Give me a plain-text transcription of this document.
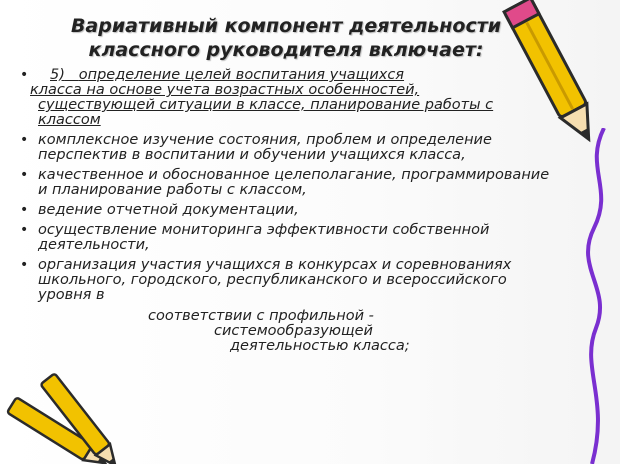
Вариативный компонент деятельности
классного руководителя включает:
•	5) определение целей воспитания учащихся
класса на основе учета возрастных особенностей,
существующей ситуации в классе, планирование работы с
классом
• комплексное изучение состояния, проблем и определение
перспектив в воспитании и обучении учащихся класса,
• качественное и обоснованное целеполагание, программирование
и планирование работы с классом,
• ведение отчетной документации,
• осуществление мониторинга эффективности собственной
деятельности,
• организация участия учащихся в конкурсах и соревнованиях
школьного, городского, республиканского и всероссийского
уровня в
соответствии с профильной -
системообразующей
деятельностью класса;
